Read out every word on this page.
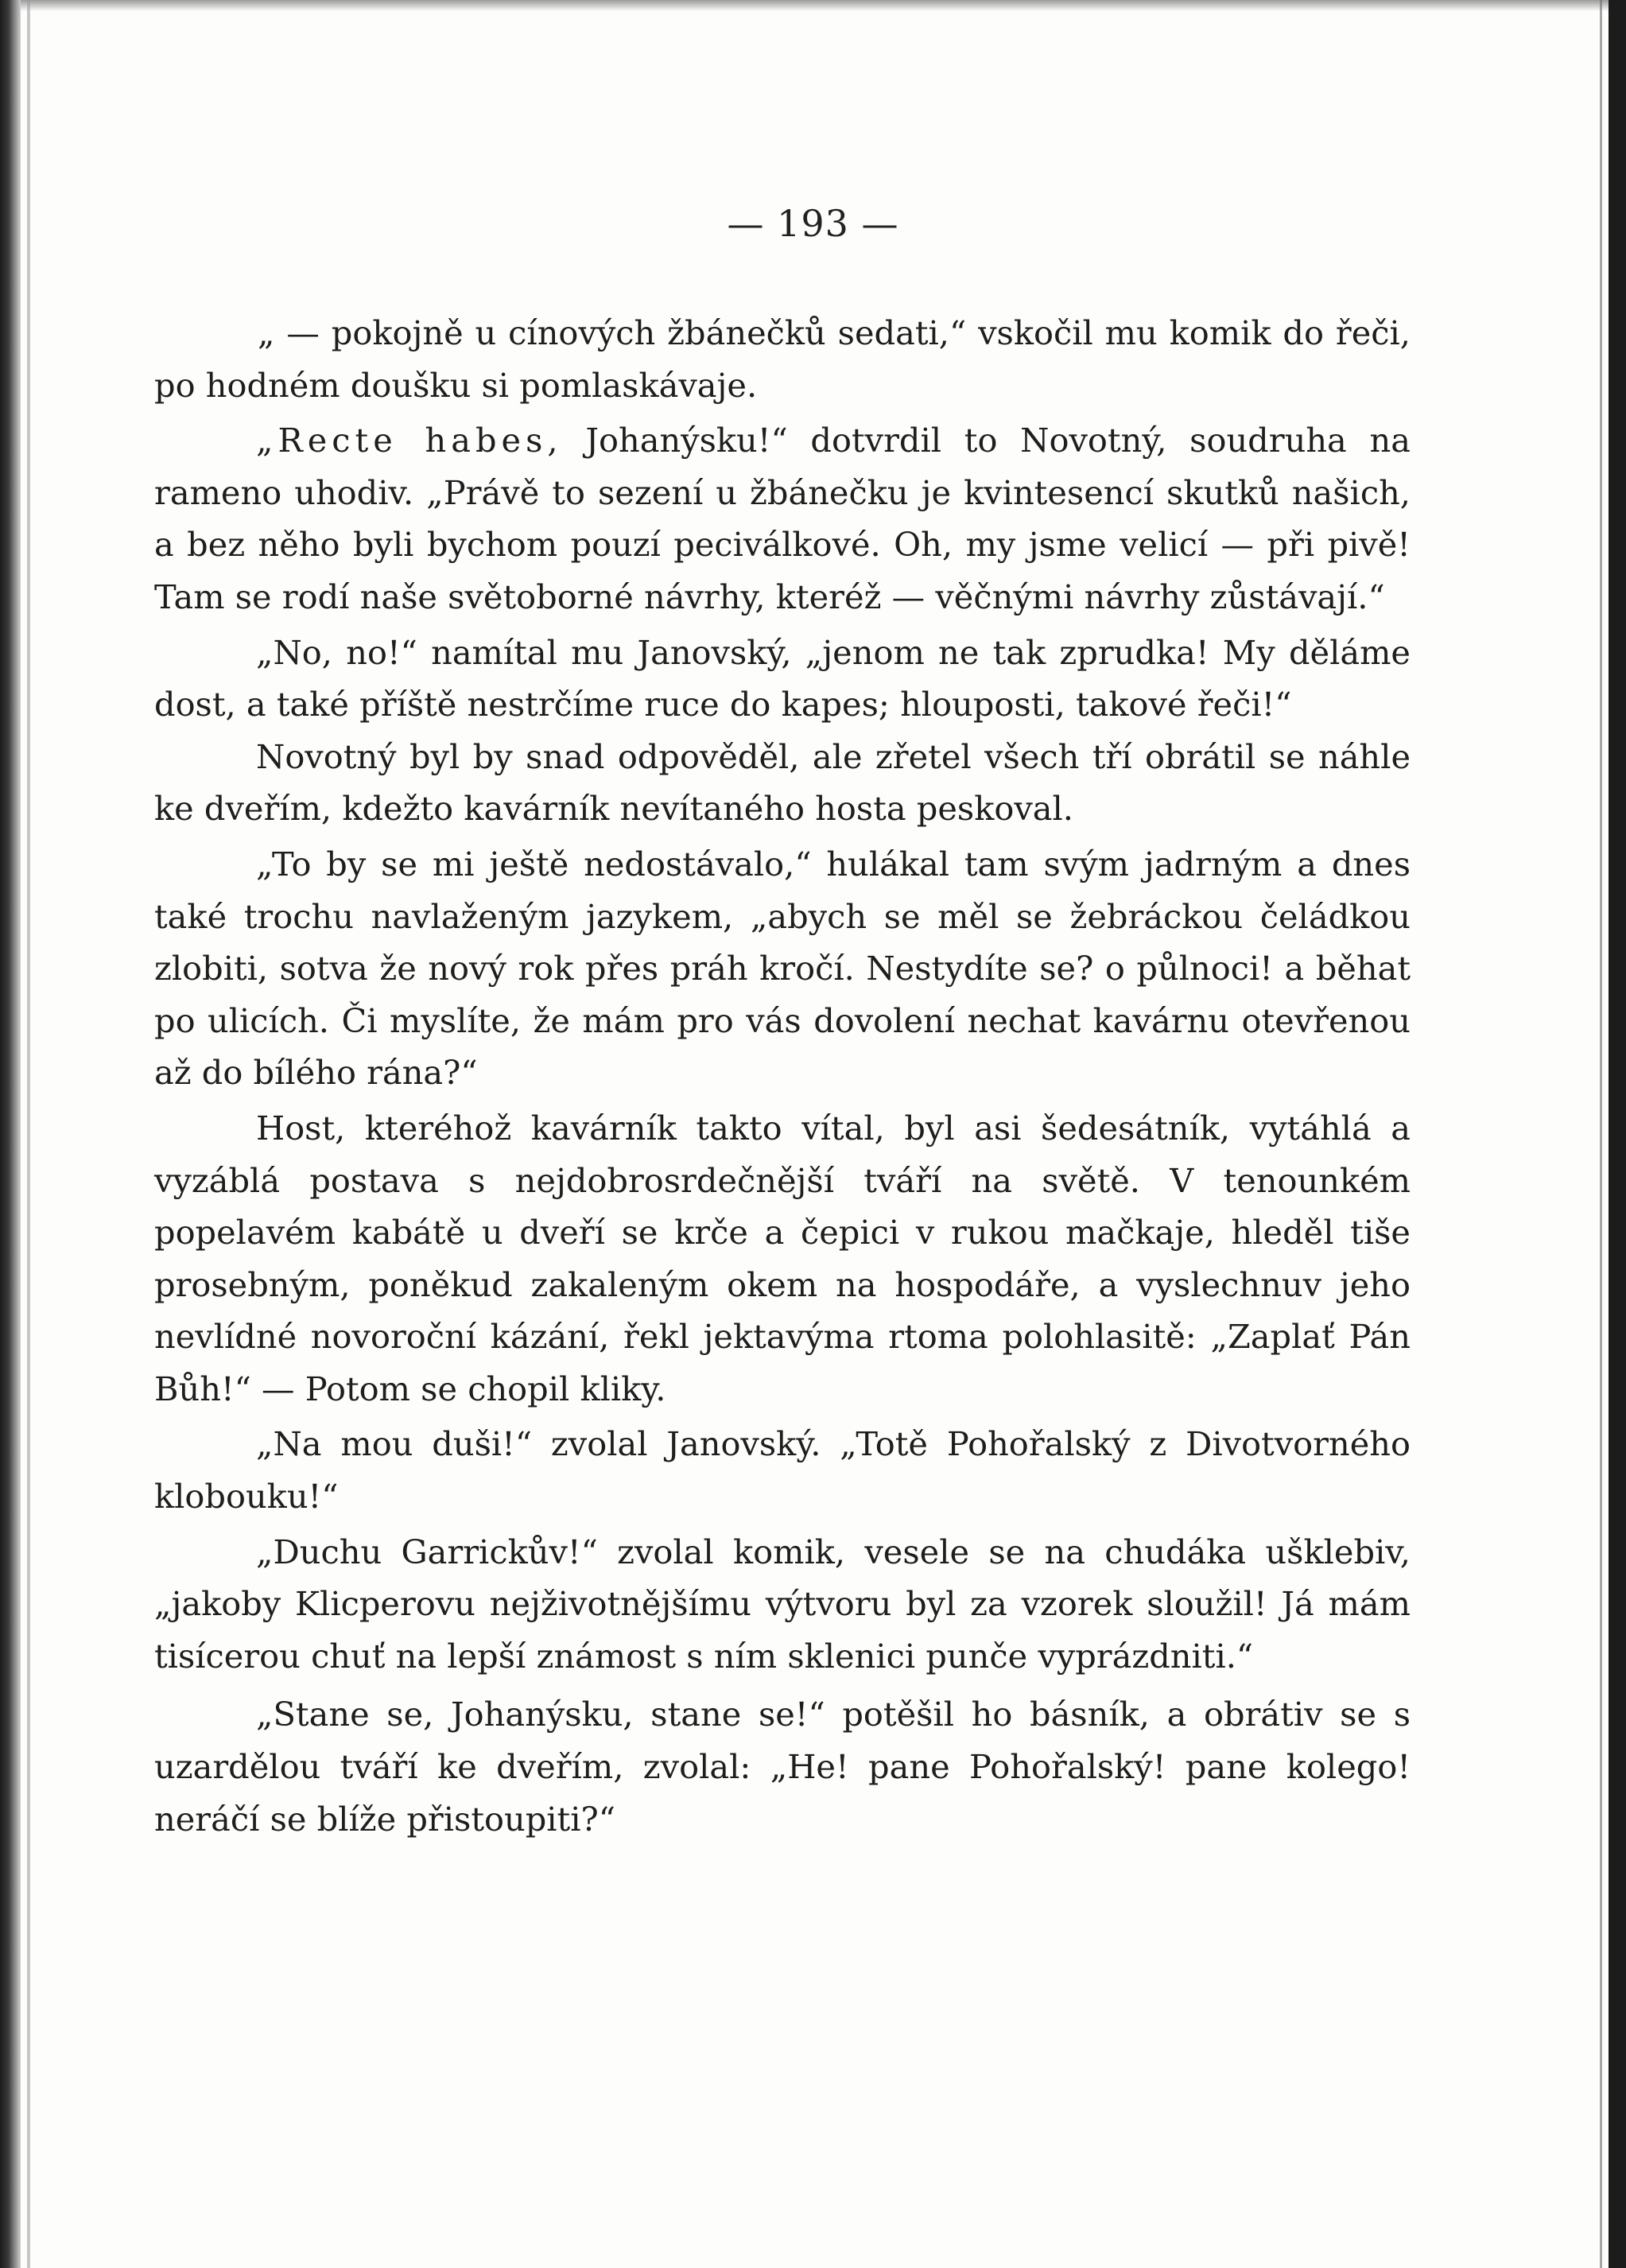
— 193 —

„ — pokojně u cínových žbánečků sedati,“ vskočil mu komik do řeči, po hodném doušku si pomlaskávaje.

„Recte habes, Johanýsku!“ dotvrdil to Novotný, soudruha na rameno uhodiv. „Právě to sezení u žbánečku je kvintesencí skutků našich, a bez něho byli bychom pouzí peciválkové. Oh, my jsme velicí — při pivě! Tam se rodí naše světoborné návrhy, kteréž — věčnými návrhy zůstávají.“

„No, no!“ namítal mu Janovský, „jenom ne tak zprudka! My děláme dost, a také příště nestrčíme ruce do kapes; hlouposti, takové řeči!“

Novotný byl by snad odpověděl, ale zřetel všech tří obrátil se náhle ke dveřím, kdežto kavárník nevítaného hosta peskoval.

„To by se mi ještě nedostávalo,“ hulákal tam svým jadrným a dnes také trochu navlaženým jazykem, „abych se měl se žebráckou čeládkou zlobiti, sotva že nový rok přes práh kročí. Nestydíte se? o půlnoci! a běhat po ulicích. Či myslíte, že mám pro vás dovolení nechat kavárnu otevřenou až do bílého rána?“

Host, kteréhož kavárník takto vítal, byl asi šedesátník, vytáhlá a vyzáblá postava s nejdobrosrdečnější tváří na světě. V tenounkém popelavém kabátě u dveří se krče a čepici v rukou mačkaje, hleděl tiše prosebným, poněkud zakaleným okem na hospodáře, a vyslechnuv jeho nevlídné novoroční kázání, řekl jektavýma rtoma polohlasitě: „Zaplať Pán Bůh!“ — Potom se chopil kliky.

„Na mou duši!“ zvolal Janovský. „Totě Pohořalský z Divotvorného klobouku!“

„Duchu Garrickův!“ zvolal komik, vesele se na chudáka ušklebiv, „jakoby Klicperovu nejživotnějšímu výtvoru byl za vzorek sloužil! Já mám tisícerou chuť na lepší známost s ním sklenici punče vyprázdniti.“

„Stane se, Johanýsku, stane se!“ potěšil ho básník, a obrátiv se s uzardělou tváří ke dveřím, zvolal: „He! pane Pohořalský! pane kolego! neráčí se blíže přistoupiti?“
